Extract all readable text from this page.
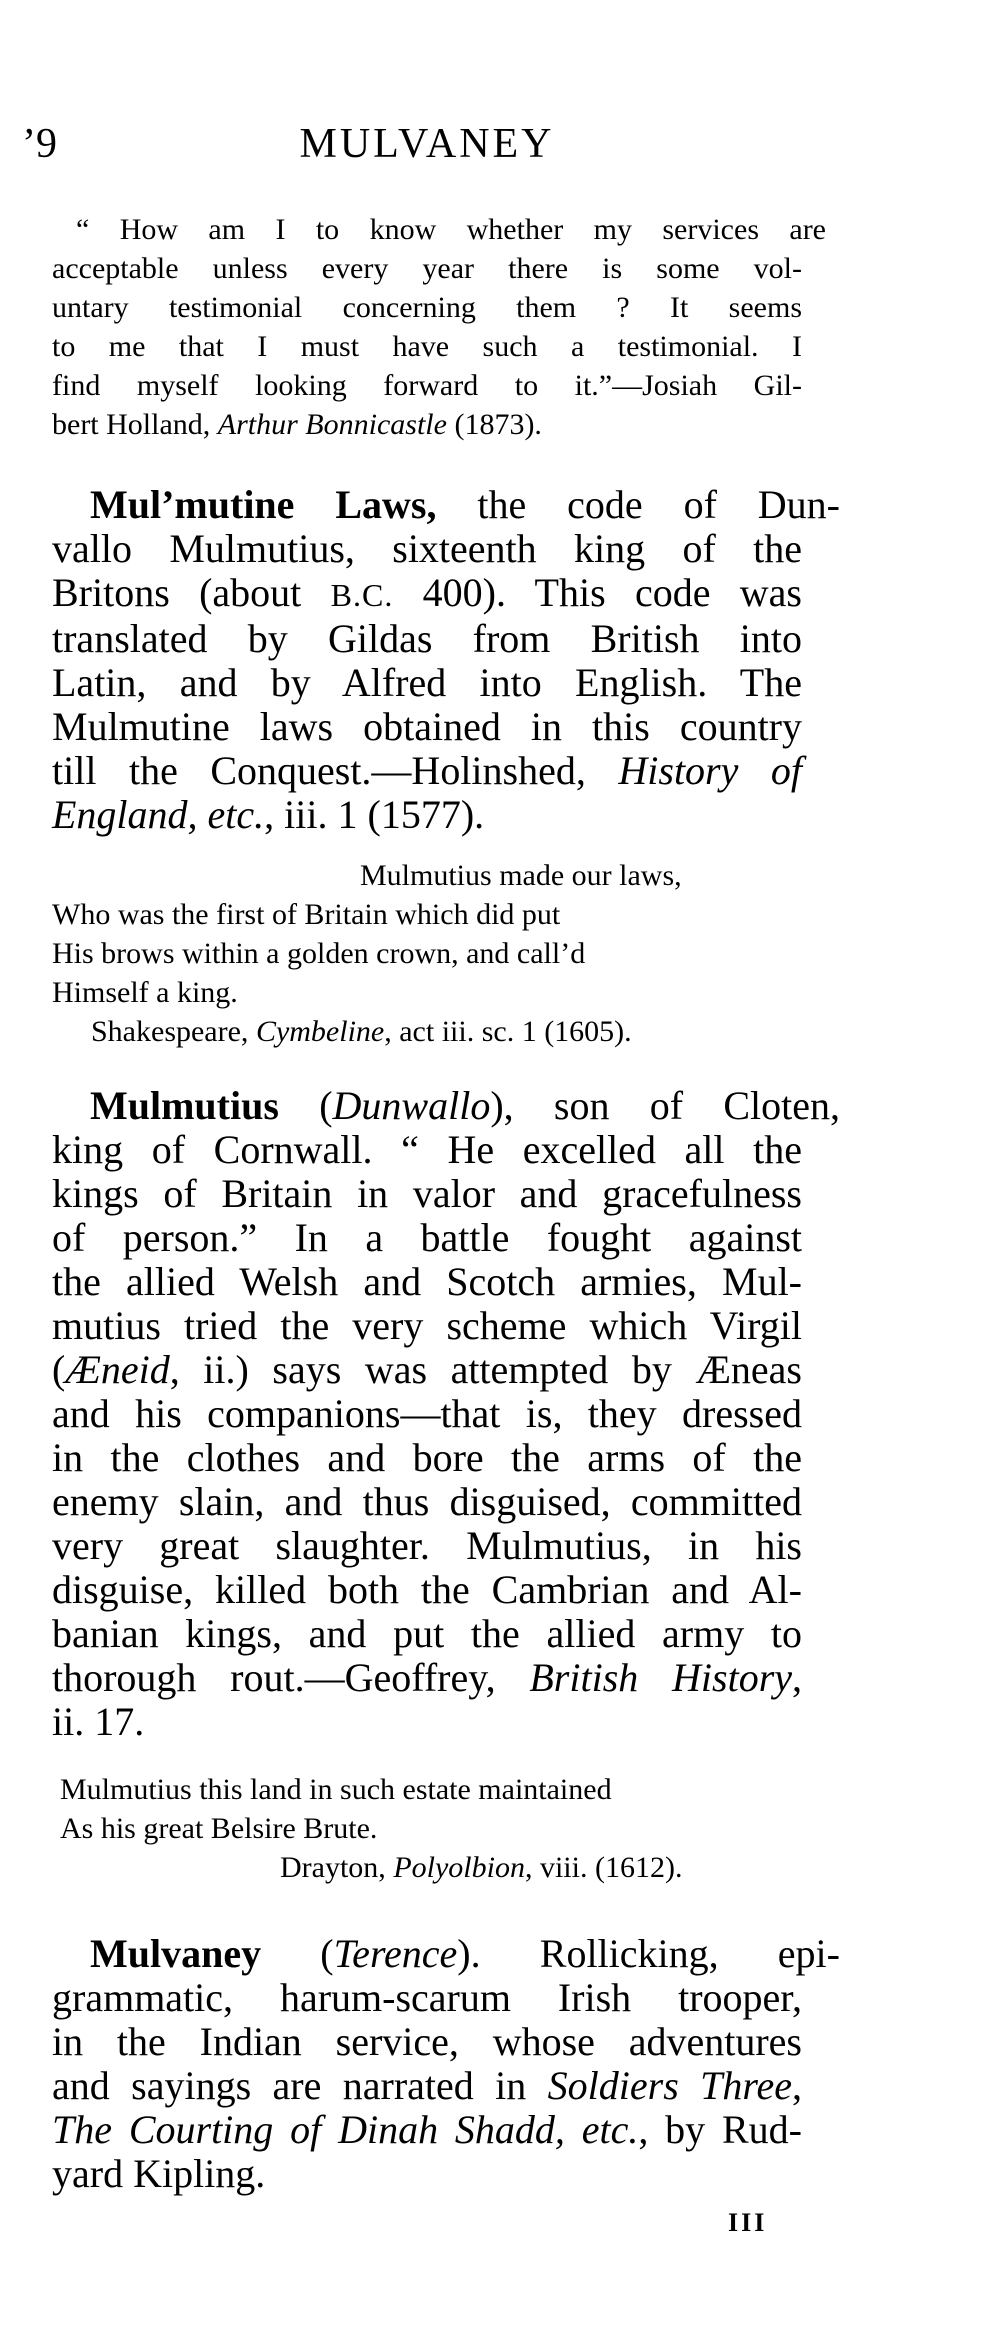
’9	MULVANEY
“ How am I to know whether my services are
acceptable unless every year there is some vol-
untary testimonial concerning them ? It seems
to me that I must have such a testimonial. I
find myself looking forward to it.”—Josiah Gil-
bert Holland, Arthur Bonnicastle (1873).
Mul’mutine Laws, the code of Dun-
vallo Mulmutius, sixteenth king of the
Britons (about B.C. 400). This code was
translated by Gildas from British into
Latin, and by Alfred into English. The
Mulmutine laws obtained in this country
till the Conquest.—Holinshed, History of
England, etc., iii. 1 (1577).
Mulmutius made our laws,
Who was the first of Britain which did put
His brows within a golden crown, and call’d
Himself a king.
Shakespeare, Cymbeline, act iii. sc. 1 (1605).
Mulmutius (Dunwallo), son of Cloten,
king of Cornwall. “ He excelled all the
kings of Britain in valor and gracefulness
of person.” In a battle fought against
the allied Welsh and Scotch armies, Mul-
mutius tried the very scheme which Virgil
(Æneid, ii.) says was attempted by Æneas
and his companions—that is, they dressed
in the clothes and bore the arms of the
enemy slain, and thus disguised, committed
very great slaughter. Mulmutius, in his
disguise, killed both the Cambrian and Al-
banian kings, and put the allied army to
thorough rout.—Geoffrey, British History,
ii. 17.
Mulmutius this land in such estate maintained
As his great Belsire Brute.
Drayton, Polyolbion, viii. (1612).
Mulvaney (Terence). Rollicking, epi-
grammatic, harum-scarum Irish trooper,
in the Indian service, whose adventures
and sayings are narrated in Soldiers Three,
The Courting of Dinah Shadd, etc., by Rud-
yard Kipling.
III
